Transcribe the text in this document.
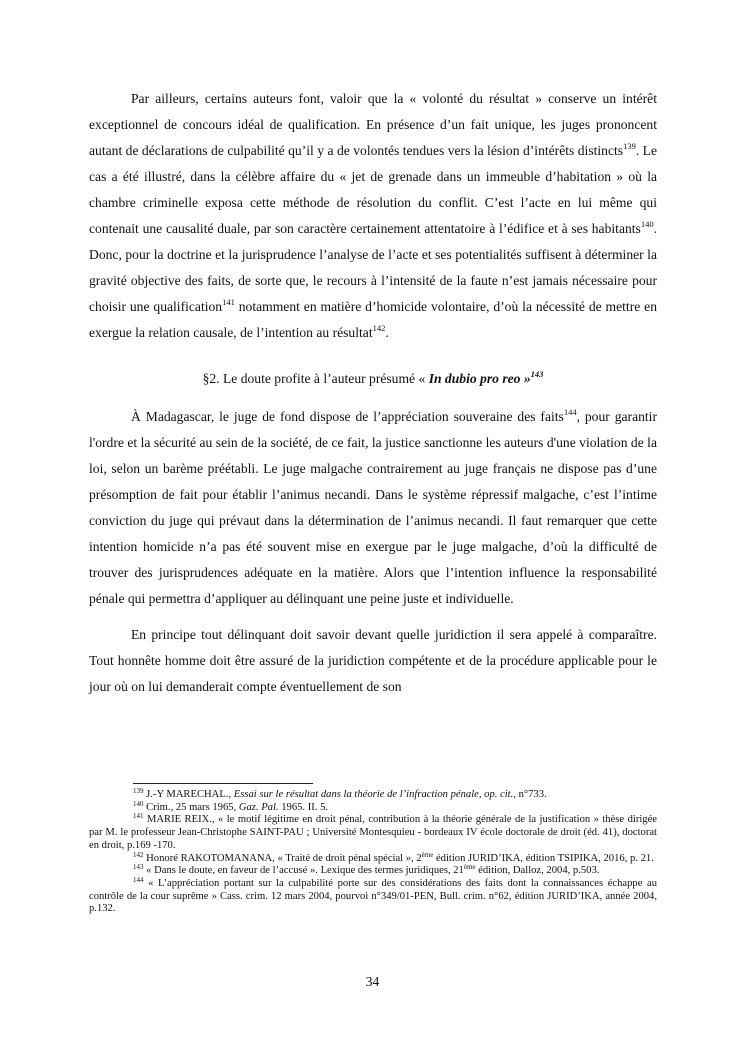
Par ailleurs, certains auteurs font, valoir que la « volonté du résultat » conserve un intérêt exceptionnel de concours idéal de qualification. En présence d’un fait unique, les juges prononcent autant de déclarations de culpabilité qu’il y a de volontés tendues vers la lésion d’intérêts distincts$^{139}$. Le cas a été illustré, dans la célèbre affaire du « jet de grenade dans un immeuble d’habitation » où la chambre criminelle exposa cette méthode de résolution du conflit. C’est l’acte en lui même qui contenait une causalité duale, par son caractère certainement attentatoire à l’édifice et à ses habitants$^{140}$. Donc, pour la doctrine et la jurisprudence l’analyse de l’acte et ses potentialités suffisent à déterminer la gravité objective des faits, de sorte que, le recours à l’intensité de la faute n’est jamais nécessaire pour choisir une qualification$^{141}$ notamment en matière d’homicide volontaire, d’où la nécessité de mettre en exergue la relation causale, de l’intention au résultat$^{142}$.

§2. Le doute profite à l’auteur présumé « In dubio pro reo »$^{143}$

À Madagascar, le juge de fond dispose de l’appréciation souveraine des faits$^{144}$, pour garantir l'ordre et la sécurité au sein de la société, de ce fait, la justice sanctionne les auteurs d'une violation de la loi, selon un barème préétabli. Le juge malgache contrairement au juge français ne dispose pas d’une présomption de fait pour établir l’animus necandi. Dans le système répressif malgache, c’est l’intime conviction du juge qui prévaut dans la détermination de l’animus necandi. Il faut remarquer que cette intention homicide n’a pas été souvent mise en exergue par le juge malgache, d’où la difficulté de trouver des jurisprudences adéquate en la matière. Alors que l’intention influence la responsabilité pénale qui permettra d’appliquer au délinquant une peine juste et individuelle.

En principe tout délinquant doit savoir devant quelle juridiction il sera appelé à comparaître. Tout honnête homme doit être assuré de la juridiction compétente et de la procédure applicable pour le jour où on lui demanderait compte éventuellement de son

$^{139}$ J.-Y MARECHAL., Essai sur le résultat dans la théorie de l’infraction pénale, op. cit., n°733.

$^{140}$ Crim., 25 mars 1965, Gaz. Pal. 1965. II. 5.

$^{141}$ MARIE REIX., « le motif légitime en droit pénal, contribution à la théorie générale de la justification » thèse dirigée par M. le professeur Jean-Christophe SAINT-PAU ; Université Montesquieu - bordeaux IV école doctorale de droit (éd. 41), doctorat en droit, p.169 -170.

$^{142}$ Honoré RAKOTOMANANA, « Traité de droit pénal spécial », 2ème édition JURID’IKA, édition TSIPIKA, 2016, p. 21.

$^{143}$ « Dans le doute, en faveur de l’accusé ». Lexique des termes juridiques, 21ème édition, Dalloz, 2004, p.503.

$^{144}$ « L’appréciation portant sur la culpabilité porte sur des considérations des faits dont la connaissances échappe au contrôle de la cour suprême » Cass. crim. 12 mars 2004, pourvoi n°349/01-PEN, Bull. crim. n°62, édition JURID’IKA, année 2004, p.132.

34
